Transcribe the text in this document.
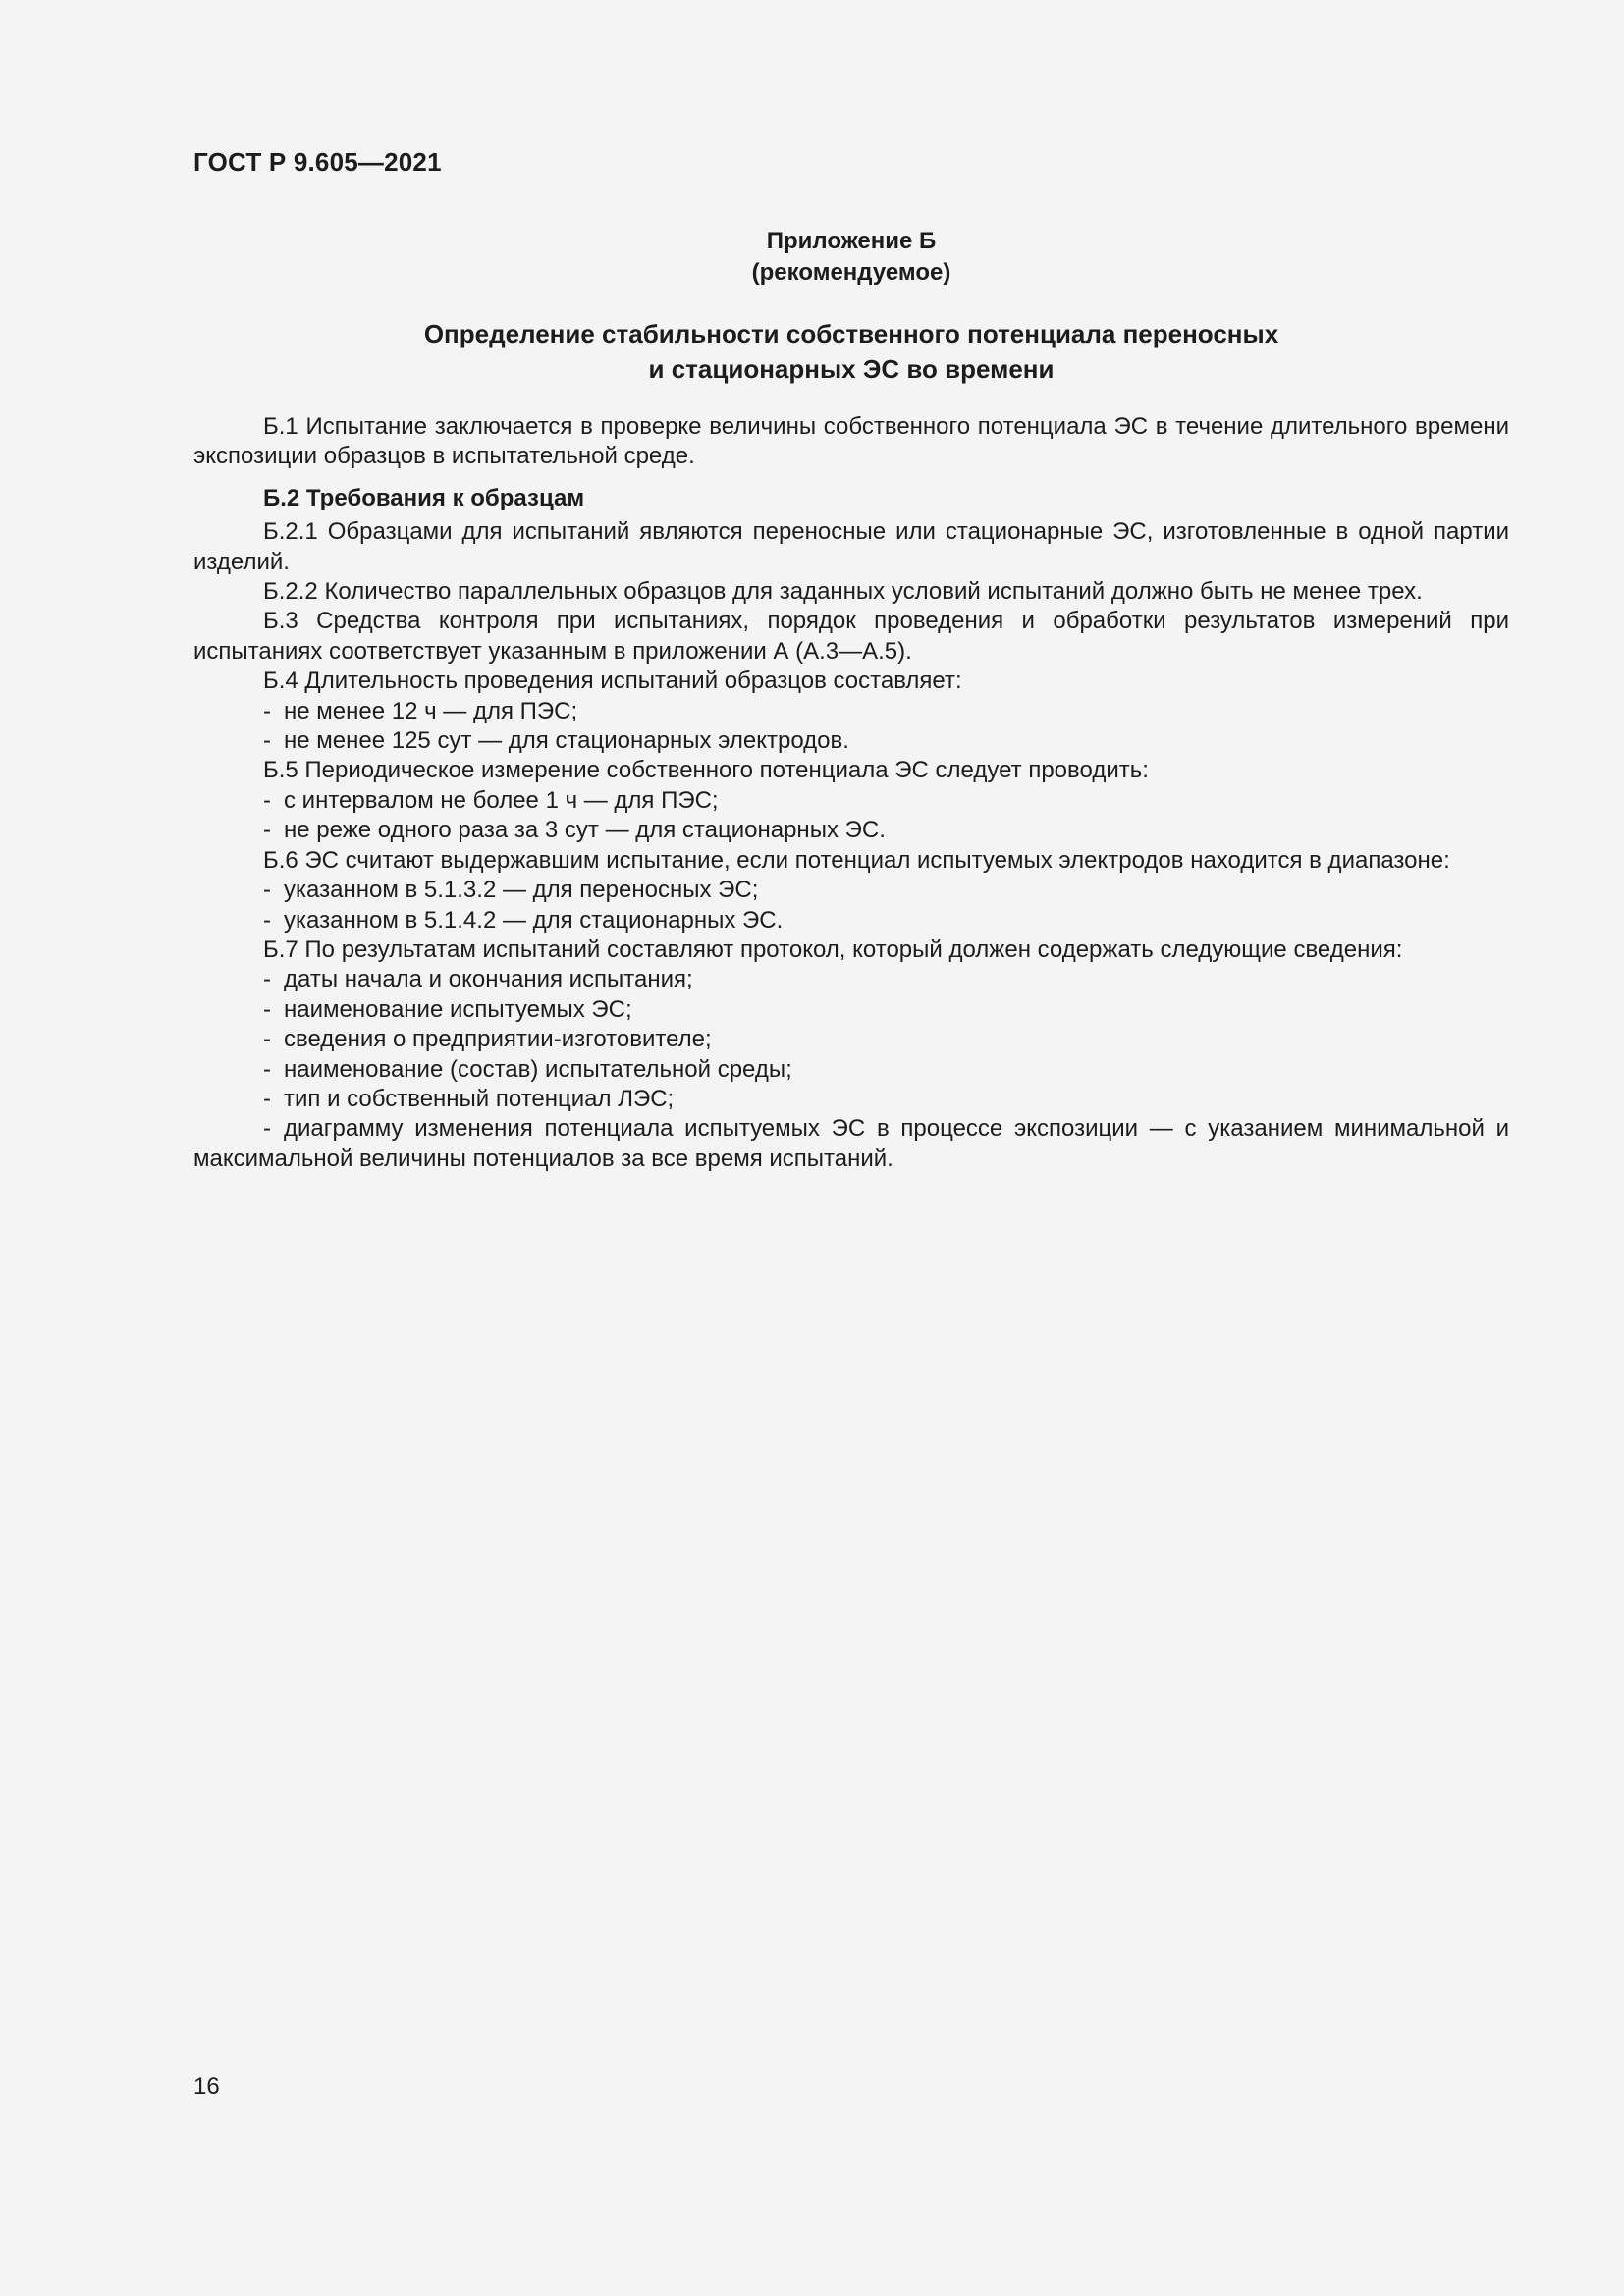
ГОСТ Р 9.605—2021
Приложение Б
(рекомендуемое)
Определение стабильности собственного потенциала переносных
и стационарных ЭС во времени

Б.1 Испытание заключается в проверке величины собственного потенциала ЭС в течение длительного времени экспозиции образцов в испытательной среде.

Б.2 Требования к образцам

Б.2.1 Образцами для испытаний являются переносные или стационарные ЭС, изготовленные в одной партии изделий.

Б.2.2 Количество параллельных образцов для заданных условий испытаний должно быть не менее трех.

Б.3 Средства контроля при испытаниях, порядок проведения и обработки результатов измерений при испытаниях соответствует указанным в приложении А (А.3—А.5).

Б.4 Длительность проведения испытаний образцов составляет:

- не менее 12 ч — для ПЭС;

- не менее 125 сут — для стационарных электродов.

Б.5 Периодическое измерение собственного потенциала ЭС следует проводить:

- с интервалом не более 1 ч — для ПЭС;

- не реже одного раза за 3 сут — для стационарных ЭС.

Б.6 ЭС считают выдержавшим испытание, если потенциал испытуемых электродов находится в диапазоне:

- указанном в 5.1.3.2 — для переносных ЭС;

- указанном в 5.1.4.2 — для стационарных ЭС.

Б.7 По результатам испытаний составляют протокол, который должен содержать следующие сведения:

- даты начала и окончания испытания;

- наименование испытуемых ЭС;

- сведения о предприятии-изготовителе;

- наименование (состав) испытательной среды;

- тип и собственный потенциал ЛЭС;

- диаграмму изменения потенциала испытуемых ЭС в процессе экспозиции — с указанием минимальной и максимальной величины потенциалов за все время испытаний.

16
